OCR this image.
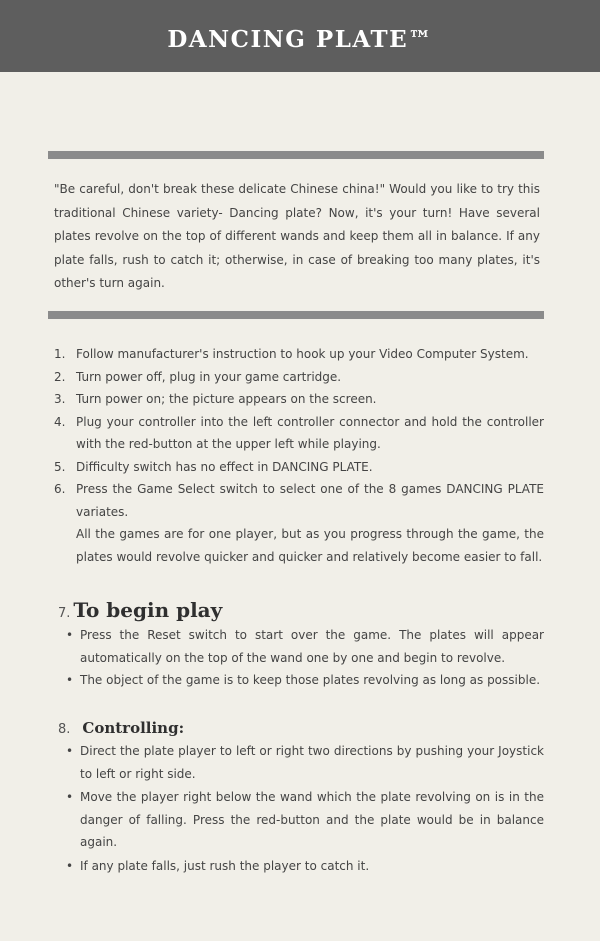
DANCING PLATE™
"Be careful, don't break these delicate Chinese china!" Would you like to try this traditional Chinese variety- Dancing plate? Now, it's your turn! Have several plates revolve on the top of different wands and keep them all in balance. If any plate falls, rush to catch it; otherwise, in case of breaking too many plates, it's other's turn again.
1. Follow manufacturer's instruction to hook up your Video Computer System.
2. Turn power off, plug in your game cartridge.
3. Turn power on; the picture appears on the screen.
4. Plug your controller into the left controller connector and hold the controller with the red-button at the upper left while playing.
5. Difficulty switch has no effect in DANCING PLATE.
6. Press the Game Select switch to select one of the 8 games DANCING PLATE variates.
All the games are for one player, but as you progress through the game, the plates would revolve quicker and quicker and relatively become easier to fall.
7. To begin play
• Press the Reset switch to start over the game. The plates will appear automatically on the top of the wand one by one and begin to revolve.
• The object of the game is to keep those plates revolving as long as possible.
8. Controlling:
• Direct the plate player to left or right two directions by pushing your Joystick to left or right side.
• Move the player right below the wand which the plate revolving on is in the danger of falling. Press the red-button and the plate would be in balance again.
• If any plate falls, just rush the player to catch it.
